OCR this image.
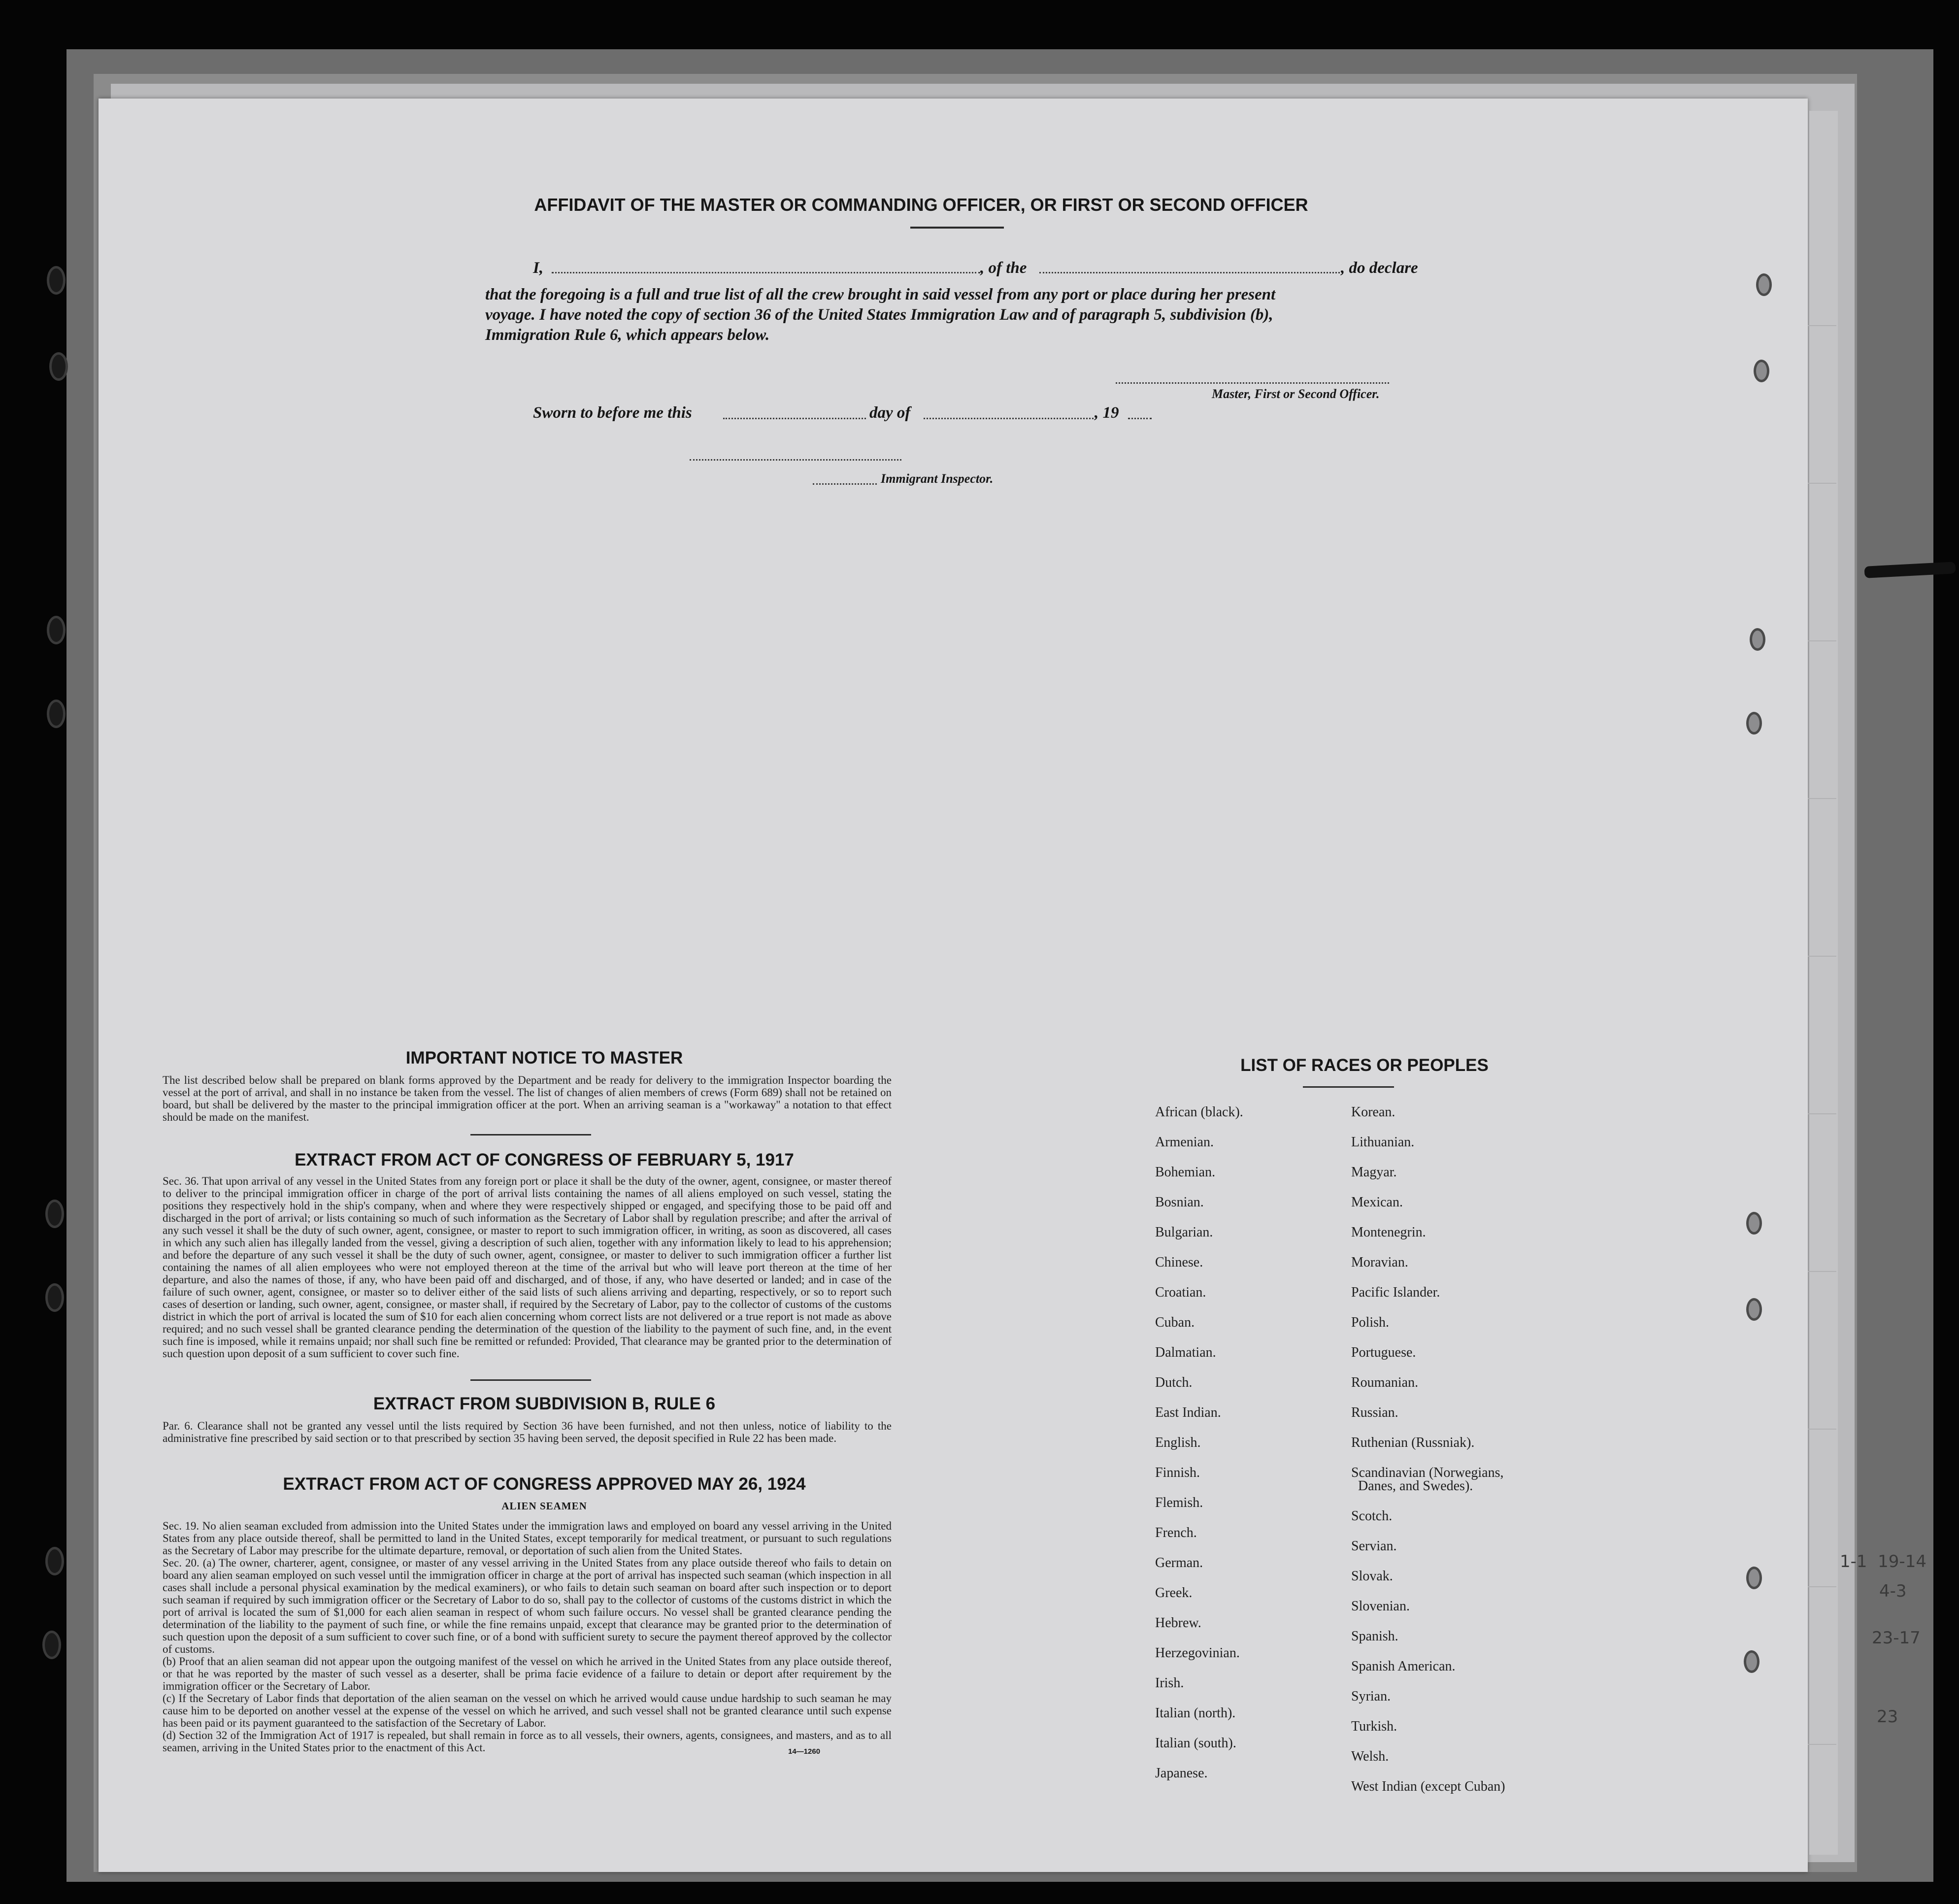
AFFIDAVIT OF THE MASTER OR COMMANDING OFFICER, OR FIRST OR SECOND OFFICER
I,	, of the	, do declare
that the foregoing is a full and true list of all the crew brought in said vessel from any port or place during her present
voyage. I have noted the copy of section 36 of the United States Immigration Law and of paragraph 5, subdivision (b),
Immigration Rule 6, which appears below.
Master, First or Second Officer.
Sworn to before me this	day of	, 19
Immigrant Inspector.
IMPORTANT NOTICE TO MASTER
The list described below shall be prepared on blank forms approved by the Department and be ready for delivery to the immigration Inspector boarding the vessel at the port of arrival, and shall in no instance be taken from the vessel. The list of changes of alien members of crews (Form 689) shall not be retained on board, but shall be delivered by the master to the principal immigration officer at the port. When an arriving seaman is a "workaway" a notation to that effect should be made on the manifest.
EXTRACT FROM ACT OF CONGRESS OF FEBRUARY 5, 1917
Sec. 36. That upon arrival of any vessel in the United States from any foreign port or place it shall be the duty of the owner, agent, consignee, or master thereof to deliver to the principal immigration officer in charge of the port of arrival lists containing the names of all aliens employed on such vessel, stating the positions they respectively hold in the ship's company, when and where they were respectively shipped or engaged, and specifying those to be paid off and discharged in the port of arrival; or lists containing so much of such information as the Secretary of Labor shall by regulation prescribe; and after the arrival of any such vessel it shall be the duty of such owner, agent, consignee, or master to report to such immigration officer, in writing, as soon as discovered, all cases in which any such alien has illegally landed from the vessel, giving a description of such alien, together with any information likely to lead to his apprehension; and before the departure of any such vessel it shall be the duty of such owner, agent, consignee, or master to deliver to such immigration officer a further list containing the names of all alien employees who were not employed thereon at the time of the arrival but who will leave port thereon at the time of her departure, and also the names of those, if any, who have been paid off and discharged, and of those, if any, who have deserted or landed; and in case of the failure of such owner, agent, consignee, or master so to deliver either of the said lists of such aliens arriving and departing, respectively, or so to report such cases of desertion or landing, such owner, agent, consignee, or master shall, if required by the Secretary of Labor, pay to the collector of customs of the customs district in which the port of arrival is located the sum of $10 for each alien concerning whom correct lists are not delivered or a true report is not made as above required; and no such vessel shall be granted clearance pending the determination of the question of the liability to the payment of such fine, and, in the event such fine is imposed, while it remains unpaid; nor shall such fine be remitted or refunded: Provided, That clearance may be granted prior to the determination of such question upon deposit of a sum sufficient to cover such fine.
EXTRACT FROM SUBDIVISION B, RULE 6
Par. 6. Clearance shall not be granted any vessel until the lists required by Section 36 have been furnished, and not then unless, notice of liability to the administrative fine prescribed by said section or to that prescribed by section 35 having been served, the deposit specified in Rule 22 has been made.
EXTRACT FROM ACT OF CONGRESS APPROVED MAY 26, 1924
ALIEN SEAMEN
Sec. 19. No alien seaman excluded from admission into the United States under the immigration laws and employed on board any vessel arriving in the United States from any place outside thereof, shall be permitted to land in the United States, except temporarily for medical treatment, or pursuant to such regulations as the Secretary of Labor may prescribe for the ultimate departure, removal, or deportation of such alien from the United States.
Sec. 20. (a) The owner, charterer, agent, consignee, or master of any vessel arriving in the United States from any place outside thereof who fails to detain on board any alien seaman employed on such vessel until the immigration officer in charge at the port of arrival has inspected such seaman (which inspection in all cases shall include a personal physical examination by the medical examiners), or who fails to detain such seaman on board after such inspection or to deport such seaman if required by such immigration officer or the Secretary of Labor to do so, shall pay to the collector of customs of the customs district in which the port of arrival is located the sum of $1,000 for each alien seaman in respect of whom such failure occurs. No vessel shall be granted clearance pending the determination of the liability to the payment of such fine, or while the fine remains unpaid, except that clearance may be granted prior to the determination of such question upon the deposit of a sum sufficient to cover such fine, or of a bond with sufficient surety to secure the payment thereof approved by the collector of customs.
(b) Proof that an alien seaman did not appear upon the outgoing manifest of the vessel on which he arrived in the United States from any place outside thereof, or that he was reported by the master of such vessel as a deserter, shall be prima facie evidence of a failure to detain or deport after requirement by the immigration officer or the Secretary of Labor.
(c) If the Secretary of Labor finds that deportation of the alien seaman on the vessel on which he arrived would cause undue hardship to such seaman he may cause him to be deported on another vessel at the expense of the vessel on which he arrived, and such vessel shall not be granted clearance until such expense has been paid or its payment guaranteed to the satisfaction of the Secretary of Labor.
(d) Section 32 of the Immigration Act of 1917 is repealed, but shall remain in force as to all vessels, their owners, agents, consignees, and masters, and as to all seamen, arriving in the United States prior to the enactment of this Act.	14—1260
LIST OF RACES OR PEOPLES
African (black).
Armenian.
Bohemian.
Bosnian.
Bulgarian.
Chinese.
Croatian.
Cuban.
Dalmatian.
Dutch.
East Indian.
English.
Finnish.
Flemish.
French.
German.
Greek.
Hebrew.
Herzegovinian.
Irish.
Italian (north).
Italian (south).
Japanese.
Korean.
Lithuanian.
Magyar.
Mexican.
Montenegrin.
Moravian.
Pacific Islander.
Polish.
Portuguese.
Roumanian.
Russian.
Ruthenian (Russniak).
Scandinavian (Norwegians,
Danes, and Swedes).
Scotch.
Servian.
Slovak.
Slovenian.
Spanish.
Spanish American.
Syrian.
Turkish.
Welsh.
West Indian (except Cuban)
1-1 19-14
4-3
23-17
23
